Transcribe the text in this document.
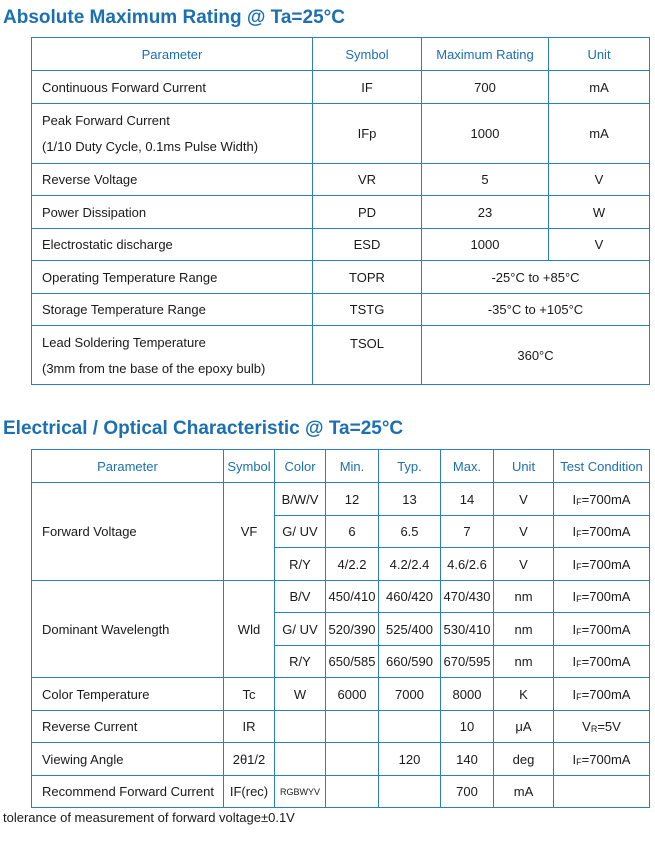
Absolute Maximum Rating @ Ta=25°C
Parameter	Symbol	Maximum Rating	Unit
Continuous Forward Current	IF	700	mA

Peak Forward Current
(1/10 Duty Cycle, 0.1ms Pulse Width)	IFp	1000	mA
Reverse Voltage	VR	5	V
Power Dissipation	PD	23	W
Electrostatic discharge	ESD	1000	V
Operating Temperature Range	TOPR	-25°C to +85°C	
Storage Temperature Range	TSTG	-35°C to +105°C	

Lead Soldering Temperature
(3mm from tne base of the epoxy bulb)	TSOL	360°C	
Electrical / Optical Characteristic @ Ta=25°C
Parameter	Symbol	Color	Min.	Typ.	Max.	Unit	Test Condition
Forward Voltage	VF	B/W/V	12	13	14	V	$I_F=700mA$
		G/ UV	6	6.5	7	V	$I_F=700mA$
		R/Y	4/2.2	4.2/2.4	4.6/2.6	V	$I_F=700mA$
Dominant Wavelength	Wld	B/V	450/410	460/420	470/430	nm	$I_F=700mA$
		G/ UV	520/390	525/400	530/410	nm	$I_F=700mA$
		R/Y	650/585	660/590	670/595	nm	$I_F=700mA$
Color Temperature	Tc	W	6000	7000	8000	K	$I_F=700mA$
Reverse Current	IR				10	μA	$V_R=5V$
Viewing Angle	2θ1/2			120	140	deg	$I_F=700mA$
Recommend Forward Current	IF(rec)	RGBWYV			700	mA	
tolerance of measurement of forward voltage±0.1V
